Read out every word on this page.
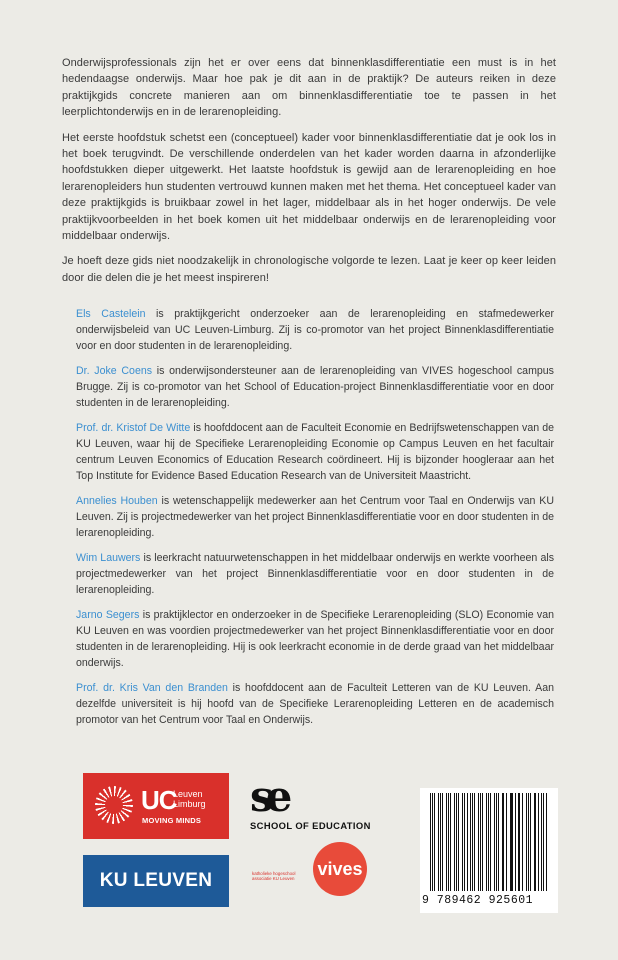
Onderwijsprofessionals zijn het er over eens dat binnenklasdifferentiatie een must is in het hedendaagse onderwijs. Maar hoe pak je dit aan in de praktijk? De auteurs reiken in deze praktijkgids concrete manieren aan om binnenklasdifferentiatie toe te passen in het leerplichtonderwijs en in de lerarenopleiding.

Het eerste hoofdstuk schetst een (conceptueel) kader voor binnenklasdifferentiatie dat je ook los in het boek terugvindt. De verschillende onderdelen van het kader worden daarna in afzonderlijke hoofdstukken dieper uitgewerkt. Het laatste hoofdstuk is gewijd aan de lerarenopleiding en hoe lerarenopleiders hun studenten vertrouwd kunnen maken met het thema. Het conceptueel kader van deze praktijkgids is bruikbaar zowel in het lager, middelbaar als in het hoger onderwijs. De vele praktijkvoorbeelden in het boek komen uit het middelbaar onderwijs en de lerarenopleiding voor middelbaar onderwijs.

Je hoeft deze gids niet noodzakelijk in chronologische volgorde te lezen. Laat je keer op keer leiden door die delen die je het meest inspireren!

Els Castelein is praktijkgericht onderzoeker aan de lerarenopleiding en stafmedewerker onderwijsbeleid van UC Leuven-Limburg. Zij is co-promotor van het project Binnenklasdifferentiatie voor en door studenten in de lerarenopleiding.

Dr. Joke Coens is onderwijsondersteuner aan de lerarenopleiding van VIVES hogeschool campus Brugge. Zij is co-promotor van het School of Education-project Binnenklasdifferentiatie voor en door studenten in de lerarenopleiding.

Prof. dr. Kristof De Witte is hoofddocent aan de Faculteit Economie en Bedrijfswetenschappen van de KU Leuven, waar hij de Specifieke Lerarenopleiding Economie op Campus Leuven en het facultair centrum Leuven Economics of Education Research coördineert. Hij is bijzonder hoogleraar aan het Top Institute for Evidence Based Education Research van de Universiteit Maastricht.

Annelies Houben is wetenschappelijk medewerker aan het Centrum voor Taal en Onderwijs van KU Leuven. Zij is projectmedewerker van het project Binnenklasdifferentiatie voor en door studenten in de lerarenopleiding.

Wim Lauwers is leerkracht natuurwetenschappen in het middelbaar onderwijs en werkte voorheen als projectmedewerker van het project Binnenklasdifferentiatie voor en door studenten in de lerarenopleiding.

Jarno Segers is praktijklector en onderzoeker in de Specifieke Lerarenopleiding (SLO) Economie van KU Leuven en was voordien projectmedewerker van het project Binnenklasdifferentiatie voor en door studenten in de lerarenopleiding. Hij is ook leerkracht economie in de derde graad van het middelbaar onderwijs.

Prof. dr. Kris Van den Branden is hoofddocent aan de Faculteit Letteren van de KU Leuven. Aan dezelfde universiteit is hij hoofd van de Specifieke Lerarenopleiding Letteren en de academisch promotor van het Centrum voor Taal en Onderwijs.

UC
Leuven
Limburg
MOVING MINDS
KU LEUVEN
se
SCHOOL OF EDUCATION
katholieke hogeschool
associatie KU Leuven	vives
9 789462 925601
